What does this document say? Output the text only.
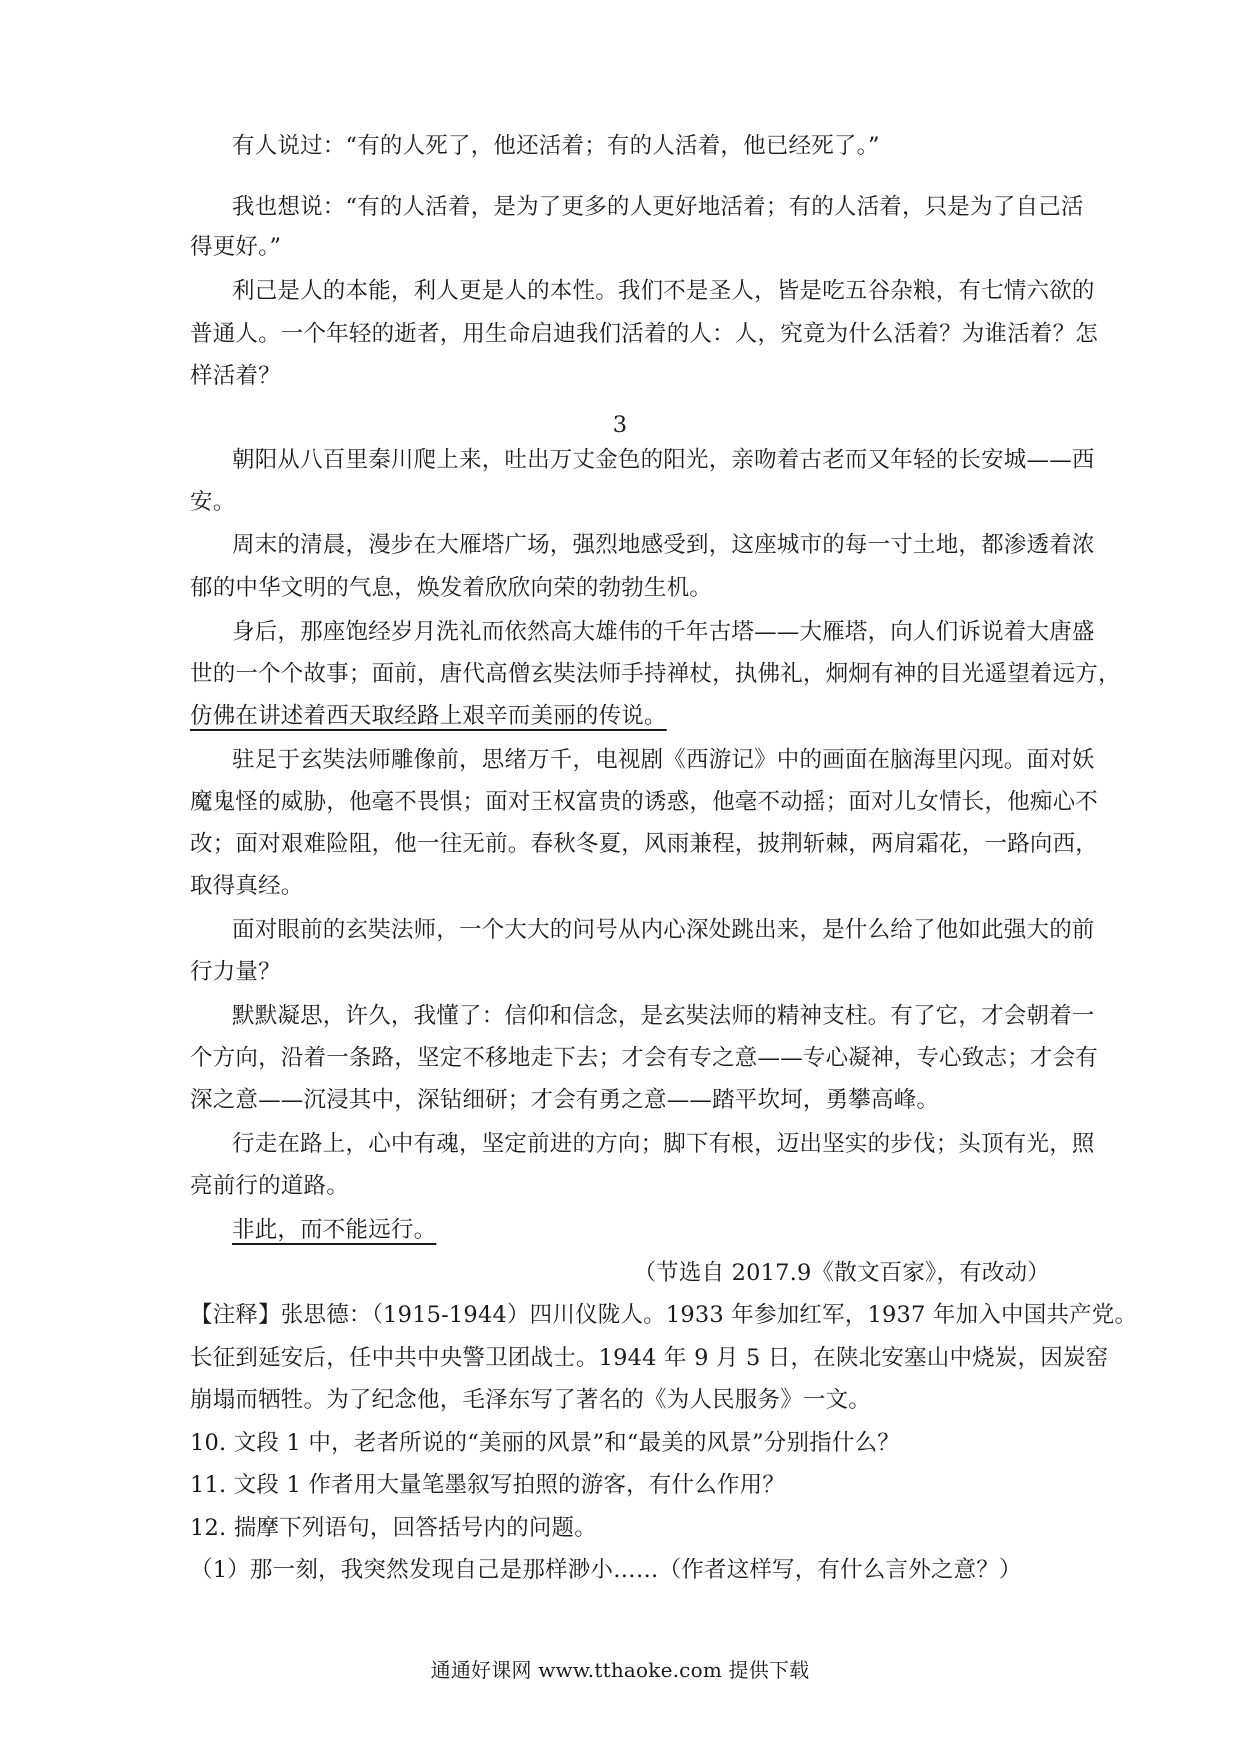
有人说过：“有的人死了，他还活着；有的人活着，他已经死了。”
我也想说：“有的人活着，是为了更多的人更好地活着；有的人活着，只是为了自己活
得更好。”
利己是人的本能，利人更是人的本性。我们不是圣人，皆是吃五谷杂粮，有七情六欲的
普通人。一个年轻的逝者，用生命启迪我们活着的人：人，究竟为什么活着？为谁活着？怎
样活着？
3
朝阳从八百里秦川爬上来，吐出万丈金色的阳光，亲吻着古老而又年轻的长安城——西
安。
周末的清晨，漫步在大雁塔广场，强烈地感受到，这座城市的每一寸土地，都渗透着浓
郁的中华文明的气息，焕发着欣欣向荣的勃勃生机。
身后，那座饱经岁月洗礼而依然高大雄伟的千年古塔——大雁塔，向人们诉说着大唐盛
世的一个个故事；面前，唐代高僧玄奘法师手持禅杖，执佛礼，炯炯有神的目光遥望着远方，
仿佛在讲述着西天取经路上艰辛而美丽的传说。
驻足于玄奘法师雕像前，思绪万千，电视剧《西游记》中的画面在脑海里闪现。面对妖
魔鬼怪的威胁，他毫不畏惧；面对王权富贵的诱惑，他毫不动摇；面对儿女情长，他痴心不
改；面对艰难险阻，他一往无前。春秋冬夏，风雨兼程，披荆斩棘，两肩霜花，一路向西，
取得真经。
面对眼前的玄奘法师，一个大大的问号从内心深处跳出来，是什么给了他如此强大的前
行力量？
默默凝思，许久，我懂了：信仰和信念，是玄奘法师的精神支柱。有了它，才会朝着一
个方向，沿着一条路，坚定不移地走下去；才会有专之意——专心凝神，专心致志；才会有
深之意——沉浸其中，深钻细研；才会有勇之意——踏平坎坷，勇攀高峰。
行走在路上，心中有魂，坚定前进的方向；脚下有根，迈出坚实的步伐；头顶有光，照
亮前行的道路。
非此，而不能远行。
（节选自 2017.9《散文百家》，有改动）
【注释】张思德：（1915-1944）四川仪陇人。1933 年参加红军，1937 年加入中国共产党。
长征到延安后，任中共中央警卫团战士。1944 年 9 月 5 日，在陕北安塞山中烧炭，因炭窑
崩塌而牺牲。为了纪念他，毛泽东写了著名的《为人民服务》一文。
10. 文段 1 中，老者所说的“美丽的风景”和“最美的风景”分别指什么？
11. 文段 1 作者用大量笔墨叙写拍照的游客，有什么作用？
12. 揣摩下列语句，回答括号内的问题。
（1）那一刻，我突然发现自己是那样渺小……（作者这样写，有什么言外之意？）
通通好课网 www.tthaoke.com 提供下载
